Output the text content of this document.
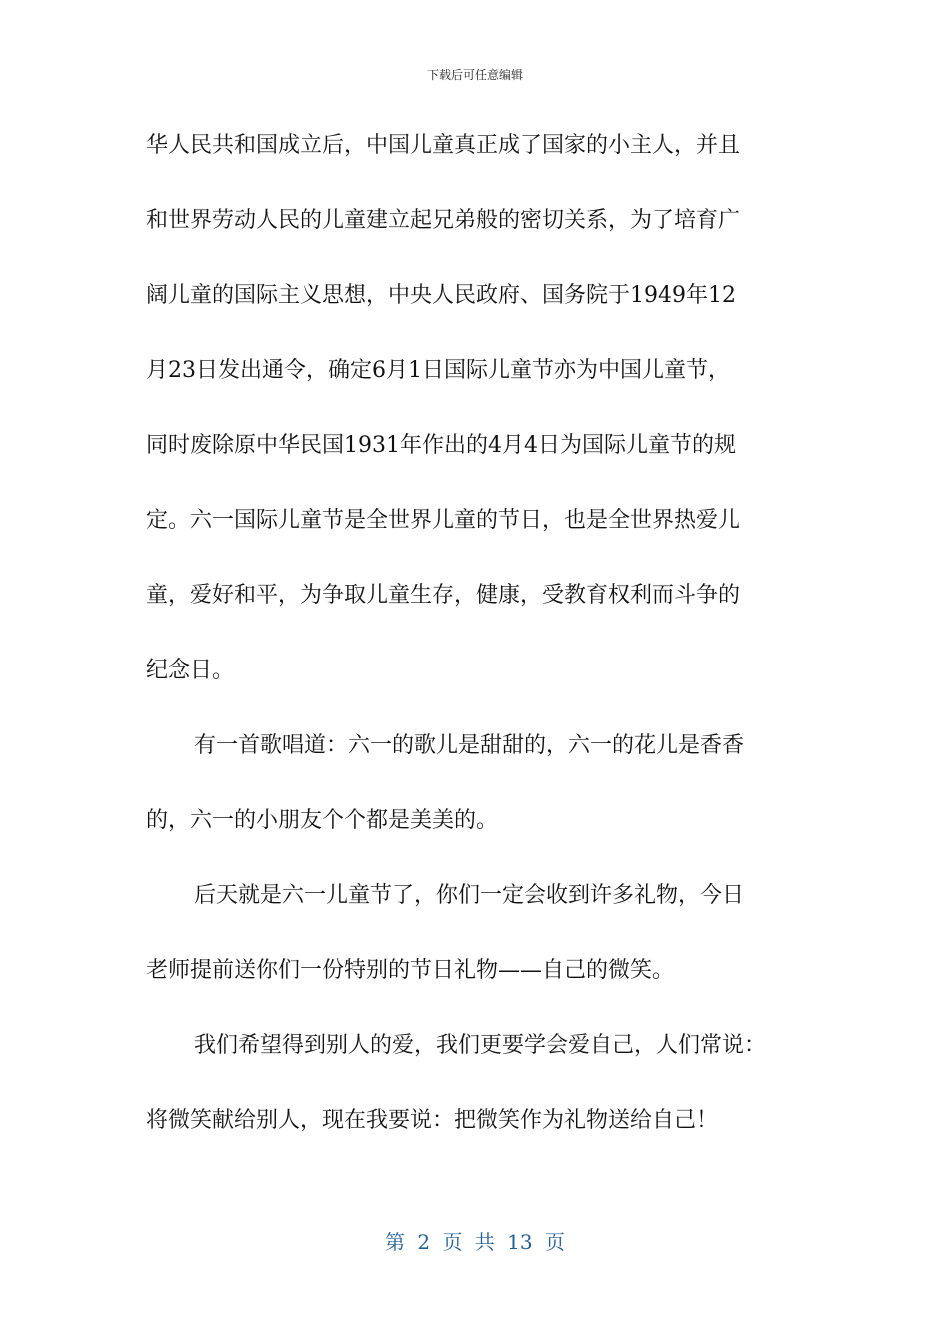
下载后可任意编辑
华人民共和国成立后，中国儿童真正成了国家的小主人，并且
和世界劳动人民的儿童建立起兄弟般的密切关系，为了培育广
阔儿童的国际主义思想，中央人民政府、国务院于1949年12
月23日发出通令，确定6月1日国际儿童节亦为中国儿童节，
同时废除原中华民国1931年作出的4月4日为国际儿童节的规
定。六一国际儿童节是全世界儿童的节日，也是全世界热爱儿
童，爱好和平，为争取儿童生存，健康，受教育权利而斗争的
纪念日。
有一首歌唱道：六一的歌儿是甜甜的，六一的花儿是香香
的，六一的小朋友个个都是美美的。
后天就是六一儿童节了，你们一定会收到许多礼物，今日
老师提前送你们一份特别的节日礼物——自己的微笑。
我们希望得到别人的爱，我们更要学会爱自己，人们常说：
将微笑献给别人，现在我要说：把微笑作为礼物送给自己！
第 2 页 共 13 页
